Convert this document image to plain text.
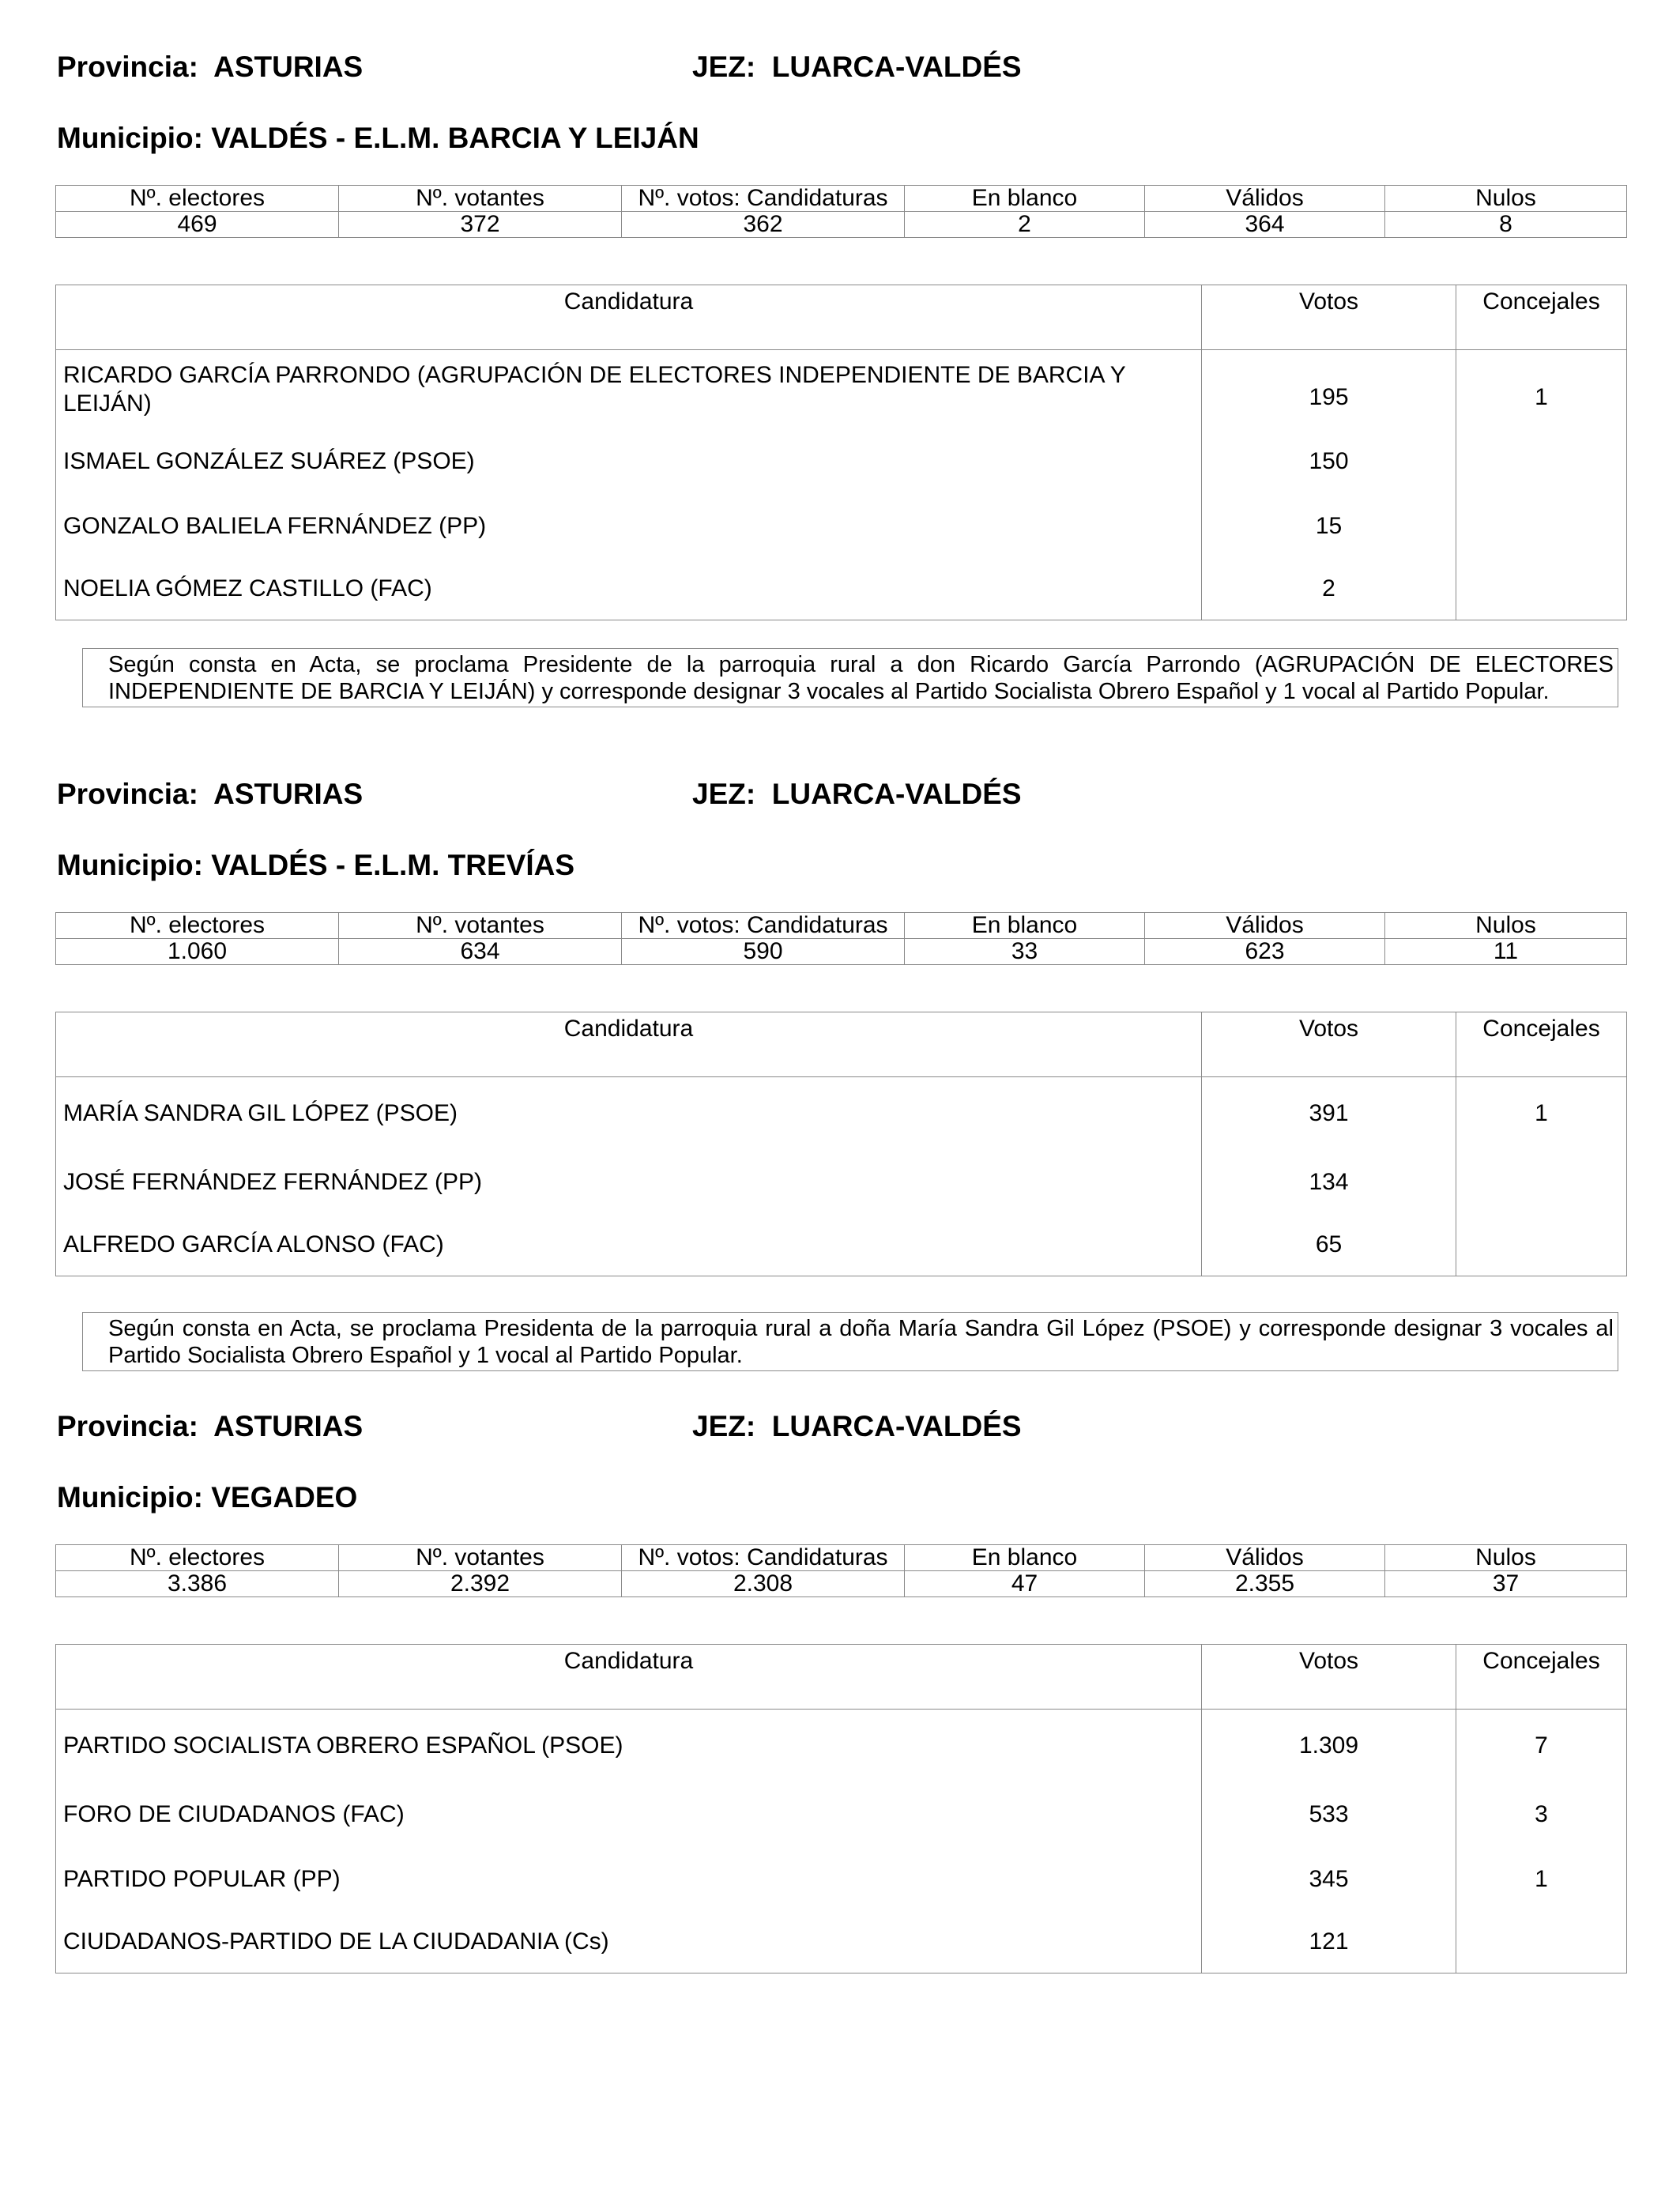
Provincia: ASTURIAS	JEZ: LUARCA-VALDÉS
Municipio: VALDÉS - E.L.M. BARCIA Y LEIJÁN
Nº. electores	Nº. votantes	Nº. votos: Candidaturas	En blanco	Válidos	Nulos
469	372	362	2	364	8
Candidatura	Votos	Concejales
RICARDO GARCÍA PARRONDO (AGRUPACIÓN DE ELECTORES INDEPENDIENTE DE BARCIA Y LEIJÁN)	195	1
ISMAEL GONZÁLEZ SUÁREZ (PSOE)	150	
GONZALO BALIELA FERNÁNDEZ (PP)	15	
NOELIA GÓMEZ CASTILLO (FAC)	2	
Según consta en Acta, se proclama Presidente de la parroquia rural a don Ricardo García Parrondo (AGRUPACIÓN DE ELECTORES INDEPENDIENTE DE BARCIA Y LEIJÁN) y corresponde designar 3 vocales al Partido Socialista Obrero Español y 1 vocal al Partido Popular.
Provincia: ASTURIAS	JEZ: LUARCA-VALDÉS
Municipio: VALDÉS - E.L.M. TREVÍAS
Nº. electores	Nº. votantes	Nº. votos: Candidaturas	En blanco	Válidos	Nulos
1.060	634	590	33	623	11
Candidatura	Votos	Concejales
MARÍA SANDRA GIL LÓPEZ (PSOE)	391	1
JOSÉ FERNÁNDEZ FERNÁNDEZ (PP)	134	
ALFREDO GARCÍA ALONSO (FAC)	65	
Según consta en Acta, se proclama Presidenta de la parroquia rural a doña María Sandra Gil López (PSOE) y corresponde designar 3 vocales al Partido Socialista Obrero Español y 1 vocal al Partido Popular.
Provincia: ASTURIAS	JEZ: LUARCA-VALDÉS
Municipio: VEGADEO
Nº. electores	Nº. votantes	Nº. votos: Candidaturas	En blanco	Válidos	Nulos
3.386	2.392	2.308	47	2.355	37
Candidatura	Votos	Concejales
PARTIDO SOCIALISTA OBRERO ESPAÑOL (PSOE)	1.309	7
FORO DE CIUDADANOS (FAC)	533	3
PARTIDO POPULAR (PP)	345	1
CIUDADANOS-PARTIDO DE LA CIUDADANIA (Cs)	121	
